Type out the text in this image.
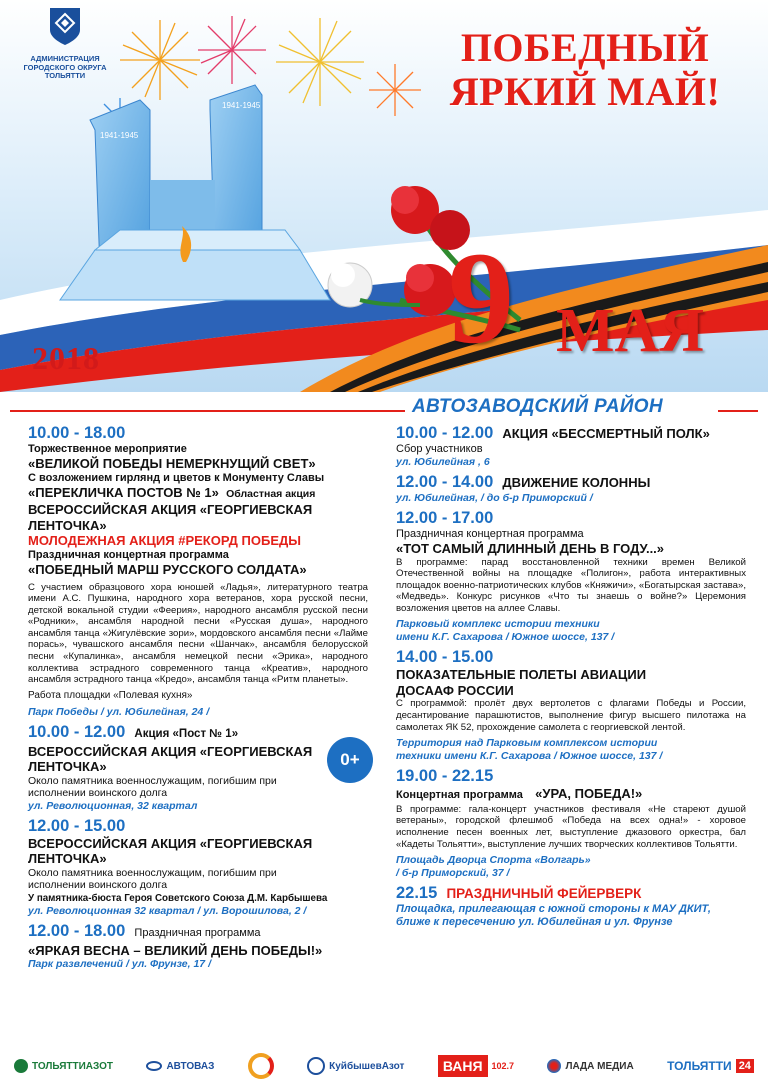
1941-1945
1941-1945
АДМИНИСТРАЦИЯ
ГОРОДСКОГО ОКРУГА
ТОЛЬЯТТИ
ПОБЕДНЫЙ
ЯРКИЙ МАЙ!
2018	9 МАЯ
АВТОЗАВОДСКИЙ РАЙОН
10.00 - 18.00
Торжественное мероприятие
«ВЕЛИКОЙ ПОБЕДЫ НЕМЕРКНУЩИЙ СВЕТ»
С возложением гирлянд и цветов к Монументу Славы
«ПЕРЕКЛИЧКА ПОСТОВ № 1» Областная акция
ВСЕРОССИЙСКАЯ АКЦИЯ «ГЕОРГИЕВСКАЯ
ЛЕНТОЧКА»
МОЛОДЕЖНАЯ АКЦИЯ #РЕКОРД ПОБЕДЫ
Праздничная концертная программа
«ПОБЕДНЫЙ МАРШ РУССКОГО СОЛДАТА»
С участием образцового хора юношей «Ладья», литературного театра имени А.С. Пушкина, народного хора ветеранов, хора русской песни, детской вокальной студии «Феерия», народного ансамбля русской песни «Родники», ансамбля народной песни «Русская душа», народного ансамбля танца «Жигулёвские зори», мордовского ансамбля песни «Лайме порась», чувашского ансамбля песни «Шанчак», ансамбля белорусской песни «Купалинка», ансамбля немецкой песни «Эрика», народного коллектива эстрадного современного танца «Креатив», народного ансамбля эстрадного танца «Кредо», ансамбля танца «Ритм планеты».
Работа площадки «Полевая кухня»
Парк Победы / ул. Юбилейная, 24 /
10.00 - 12.00 Акция «Пост № 1»
ВСЕРОССИЙСКАЯ АКЦИЯ «ГЕОРГИЕВСКАЯ
ЛЕНТОЧКА»
Около памятника военнослужащим, погибшим при
исполнении воинского долга
ул. Революционная, 32 квартал
12.00 - 15.00
ВСЕРОССИЙСКАЯ АКЦИЯ «ГЕОРГИЕВСКАЯ
ЛЕНТОЧКА»
Около памятника военнослужащим, погибшим при
исполнении воинского долга
У памятника-бюста Героя Советского Союза Д.М. Карбышева
ул. Революционная 32 квартал / ул. Ворошилова, 2 /
12.00 - 18.00 Праздничная программа
«ЯРКАЯ ВЕСНА – ВЕЛИКИЙ ДЕНЬ ПОБЕДЫ!»
Парк развлечений / ул. Фрунзе, 17 /
0+
10.00 - 12.00 АКЦИЯ «БЕССМЕРТНЫЙ ПОЛК»
Сбор участников
ул. Юбилейная , 6
12.00 - 14.00 ДВИЖЕНИЕ КОЛОННЫ
ул. Юбилейная, / до б-р Приморский /
12.00 - 17.00
Праздничная концертная программа
«ТОТ САМЫЙ ДЛИННЫЙ ДЕНЬ В ГОДУ...»
В программе: парад восстановленной техники времен Великой Отечественной войны на площадке «Полигон», работа интерактивных площадок военно-патриотических клубов «Княжичи», «Богатырская застава», «Медведь». Конкурс рисунков «Что ты знаешь о войне?» Церемония возложения цветов на аллее Славы.
Парковый комплекс истории техники
имени К.Г. Сахарова / Южное шоссе, 137 /
14.00 - 15.00
ПОКАЗАТЕЛЬНЫЕ ПОЛЕТЫ АВИАЦИИ
ДОСААФ РОССИИ
С программой: пролёт двух вертолетов с флагами Победы и России, десантирование парашютистов, выполнение фигур высшего пилотажа на самолетах ЯК 52, прохождение самолета с георгиевской лентой.
Территория над Парковым комплексом истории
техники имени К.Г. Сахарова / Южное шоссе, 137 /
19.00 - 22.15
Концертная программа «УРА, ПОБЕДА!»
В программе: гала-концерт участников фестиваля «Не стареют душой ветераны», городской флешмоб «Победа на всех одна!» - хоровое исполнение песен военных лет, выступление джазового оркестра, бал «Кадеты Тольятти», выступление лучших творческих коллективов Тольятти.
Площадь Дворца Спорта «Волгарь»
/ б-р Приморский, 37 /
22.15 ПРАЗДНИЧНЫЙ ФЕЙЕРВЕРК
Площадка, прилегающая с южной стороны к МАУ ДКИТ,
ближе к пересечению ул. Юбилейная и ул. Фрунзе
ТОЛЬЯТТИАЗОТ	АВТОВАЗ	КуйбышевАзот	ВАНЯ	102.7	ЛАДА МЕДИА	ТОЛЬЯТТИ 24
